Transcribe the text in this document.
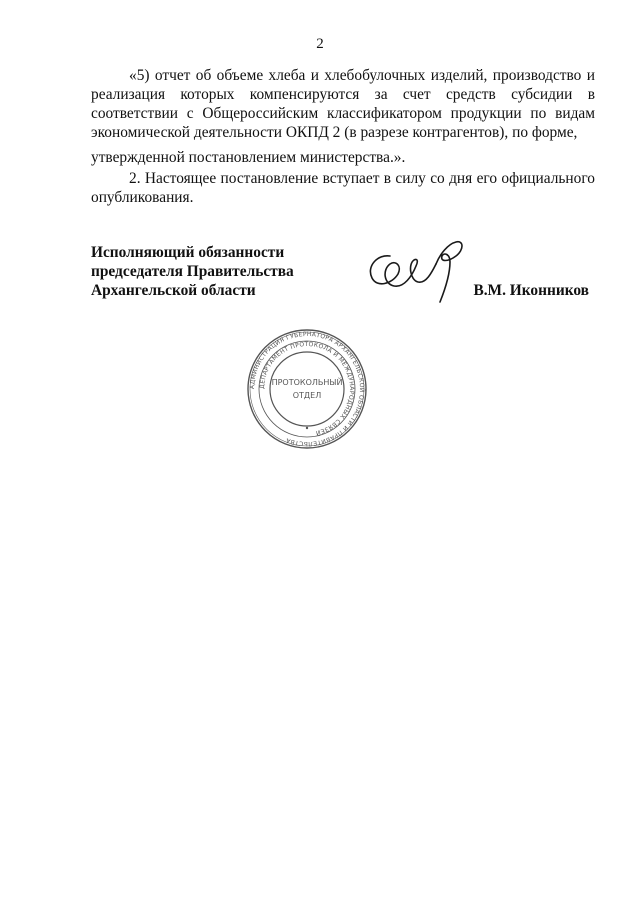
2

«5) отчет об объеме хлеба и хлебобулочных изделий, производство и реализация которых компенсируются за счет средств субсидии в соответствии с Общероссийским классификатором продукции по видам экономической деятельности ОКПД 2 (в разрезе контрагентов), по форме,

утвержденной постановлением министерства.».

2. Настоящее постановление вступает в силу со дня его официального опубликования.

Исполняющий обязанности
председателя Правительства
Архангельской области	В.М. Иконников
АДМИНИСТРАЦИЯ ГУБЕРНАТОРА АРХАНГЕЛЬСКОЙ ОБЛАСТИ И ПРАВИТЕЛЬСТВА
ДЕПАРТАМЕНТ ПРОТОКОЛА И МЕЖДУНАРОДНЫХ СВЯЗЕЙ
ПРОТОКОЛЬНЫЙ
ОТДЕЛ
